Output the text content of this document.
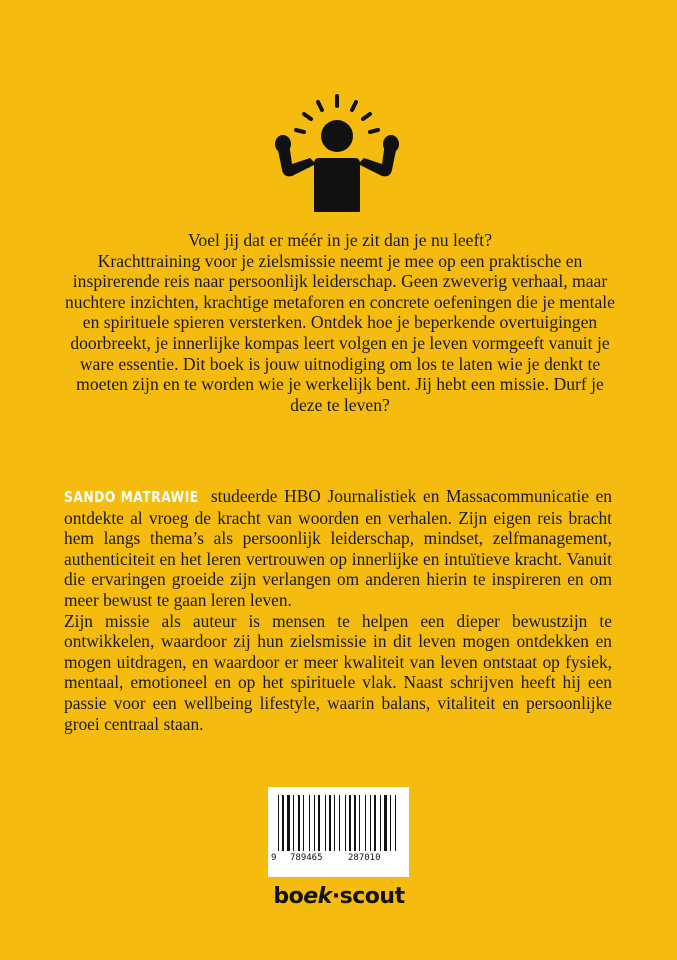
Voel jij dat er méér in je zit dan je nu leeft?

Krachttraining voor je zielsmissie neemt je mee op een praktische en inspirerende reis naar persoonlijk leiderschap. Geen zweverig verhaal, maar nuchtere inzichten, krachtige metaforen en concrete oefeningen die je mentale en spirituele spieren versterken. Ontdek hoe je beperkende overtuigingen doorbreekt, je innerlijke kompas leert volgen en je leven vormgeeft vanuit je ware essentie. Dit boek is jouw uitnodiging om los te laten wie je denkt te moeten zijn en te worden wie je werkelijk bent. Jij hebt een missie. Durf je deze te leven?

SANDO MATRAWIE studeerde HBO Journalistiek en Massacommunicatie en ontdekte al vroeg de kracht van woorden en verhalen. Zijn eigen reis bracht hem langs thema’s als persoonlijk leiderschap, mindset, zelfmanagement, authenticiteit en het leren vertrouwen op innerlijke en intuïtieve kracht. Vanuit die ervaringen groeide zijn verlangen om anderen hierin te inspireren en om meer bewust te gaan leren leven.

Zijn missie als auteur is mensen te helpen een dieper bewustzijn te ontwikkelen, waardoor zij hun zielsmissie in dit leven mogen ontdekken en mogen uitdragen, en waardoor er meer kwaliteit van leven ontstaat op fysiek, mentaal, emotioneel en op het spirituele vlak. Naast schrijven heeft hij een passie voor een wellbeing lifestyle, waarin balans, vitaliteit en persoonlijke groei centraal staan.

9 789465	287010
boek·scout
